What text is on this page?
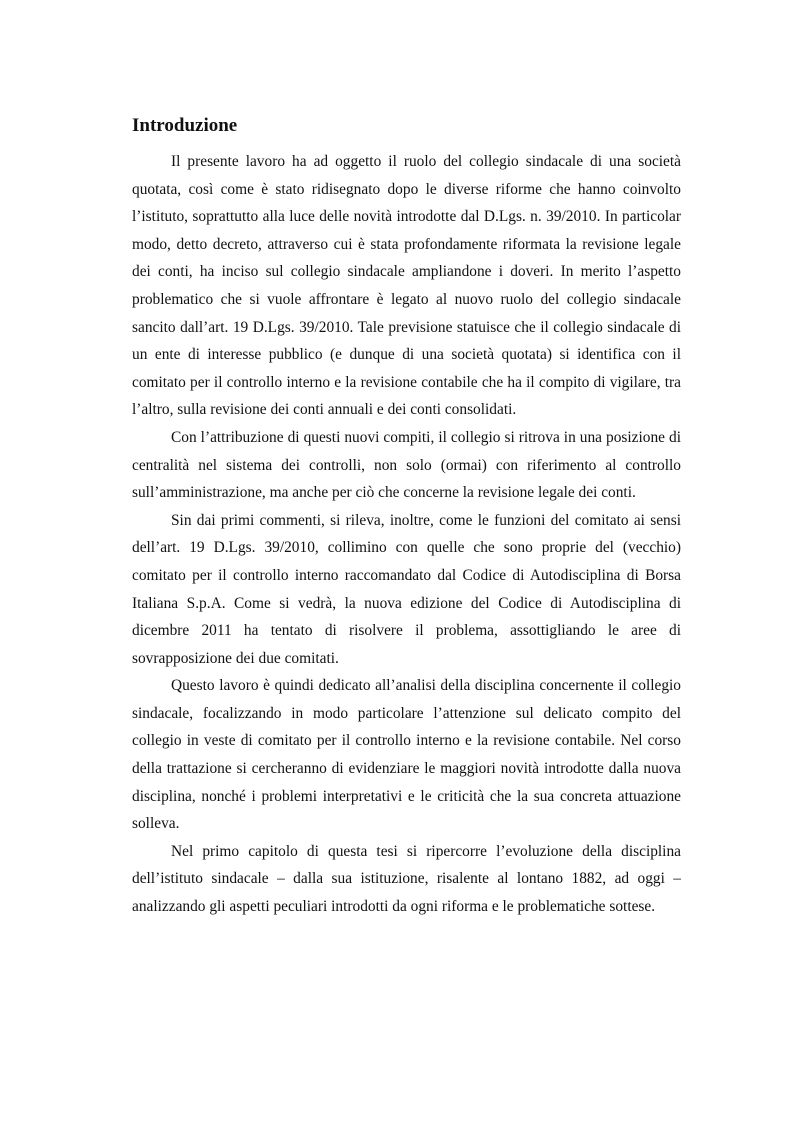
Introduzione

Il presente lavoro ha ad oggetto il ruolo del collegio sindacale di una società quotata, così come è stato ridisegnato dopo le diverse riforme che hanno coinvolto l’istituto, soprattutto alla luce delle novità introdotte dal D.Lgs. n. 39/2010. In particolar modo, detto decreto, attraverso cui è stata profondamente riformata la revisione legale dei conti, ha inciso sul collegio sindacale ampliandone i doveri. In merito l’aspetto problematico che si vuole affrontare è legato al nuovo ruolo del collegio sindacale sancito dall’art. 19 D.Lgs. 39/2010. Tale previsione statuisce che il collegio sindacale di un ente di interesse pubblico (e dunque di una società quotata) si identifica con il comitato per il controllo interno e la revisione contabile che ha il compito di vigilare, tra l’altro, sulla revisione dei conti annuali e dei conti consolidati.

Con l’attribuzione di questi nuovi compiti, il collegio si ritrova in una posizione di centralità nel sistema dei controlli, non solo (ormai) con riferimento al controllo sull’amministrazione, ma anche per ciò che concerne la revisione legale dei conti.

Sin dai primi commenti, si rileva, inoltre, come le funzioni del comitato ai sensi dell’art. 19 D.Lgs. 39/2010, collimino con quelle che sono proprie del (vecchio) comitato per il controllo interno raccomandato dal Codice di Autodisciplina di Borsa Italiana S.p.A. Come si vedrà, la nuova edizione del Codice di Autodisciplina di dicembre 2011 ha tentato di risolvere il problema, assottigliando le aree di sovrapposizione dei due comitati.

Questo lavoro è quindi dedicato all’analisi della disciplina concernente il collegio sindacale, focalizzando in modo particolare l’attenzione sul delicato compito del collegio in veste di comitato per il controllo interno e la revisione contabile. Nel corso della trattazione si cercheranno di evidenziare le maggiori novità introdotte dalla nuova disciplina, nonché i problemi interpretativi e le criticità che la sua concreta attuazione solleva.

Nel primo capitolo di questa tesi si ripercorre l’evoluzione della disciplina dell’istituto sindacale – dalla sua istituzione, risalente al lontano 1882, ad oggi – analizzando gli aspetti peculiari introdotti da ogni riforma e le problematiche sottese.
